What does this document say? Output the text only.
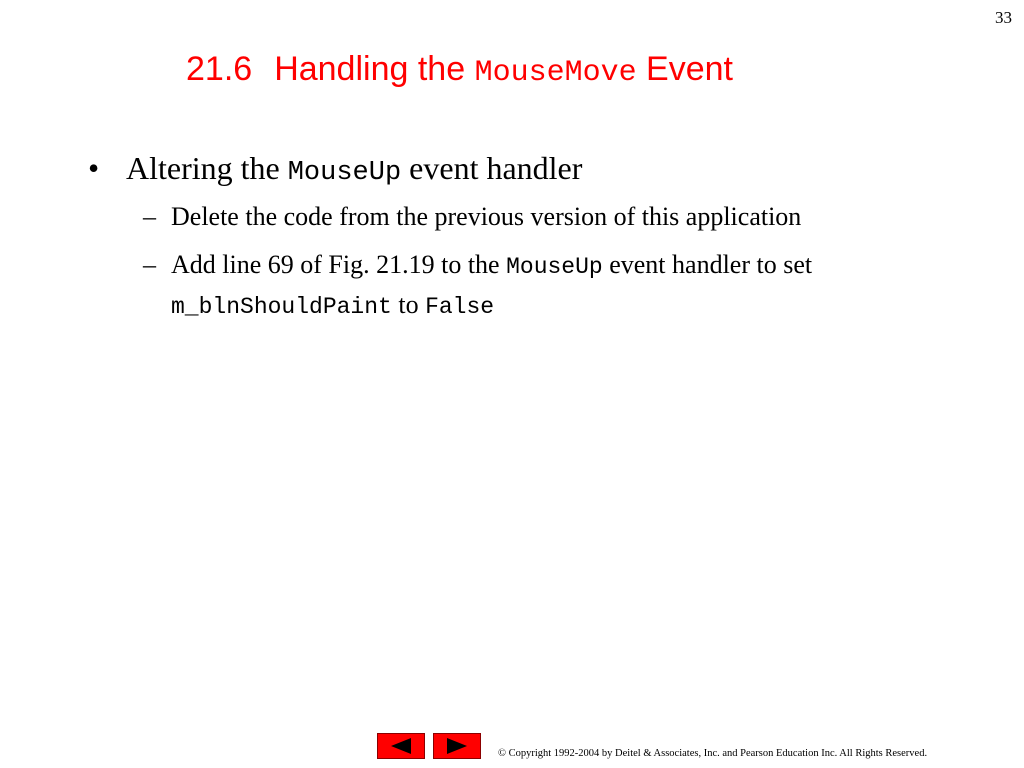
33
21.6 Handling the MouseMove Event
• Altering the MouseUp event handler
– Delete the code from the previous version of this application
– Add line 69 of Fig. 21.19 to the MouseUp event handler to set m_blnShouldPaint to False
© Copyright 1992-2004 by Deitel & Associates, Inc. and Pearson Education Inc. All Rights Reserved.
